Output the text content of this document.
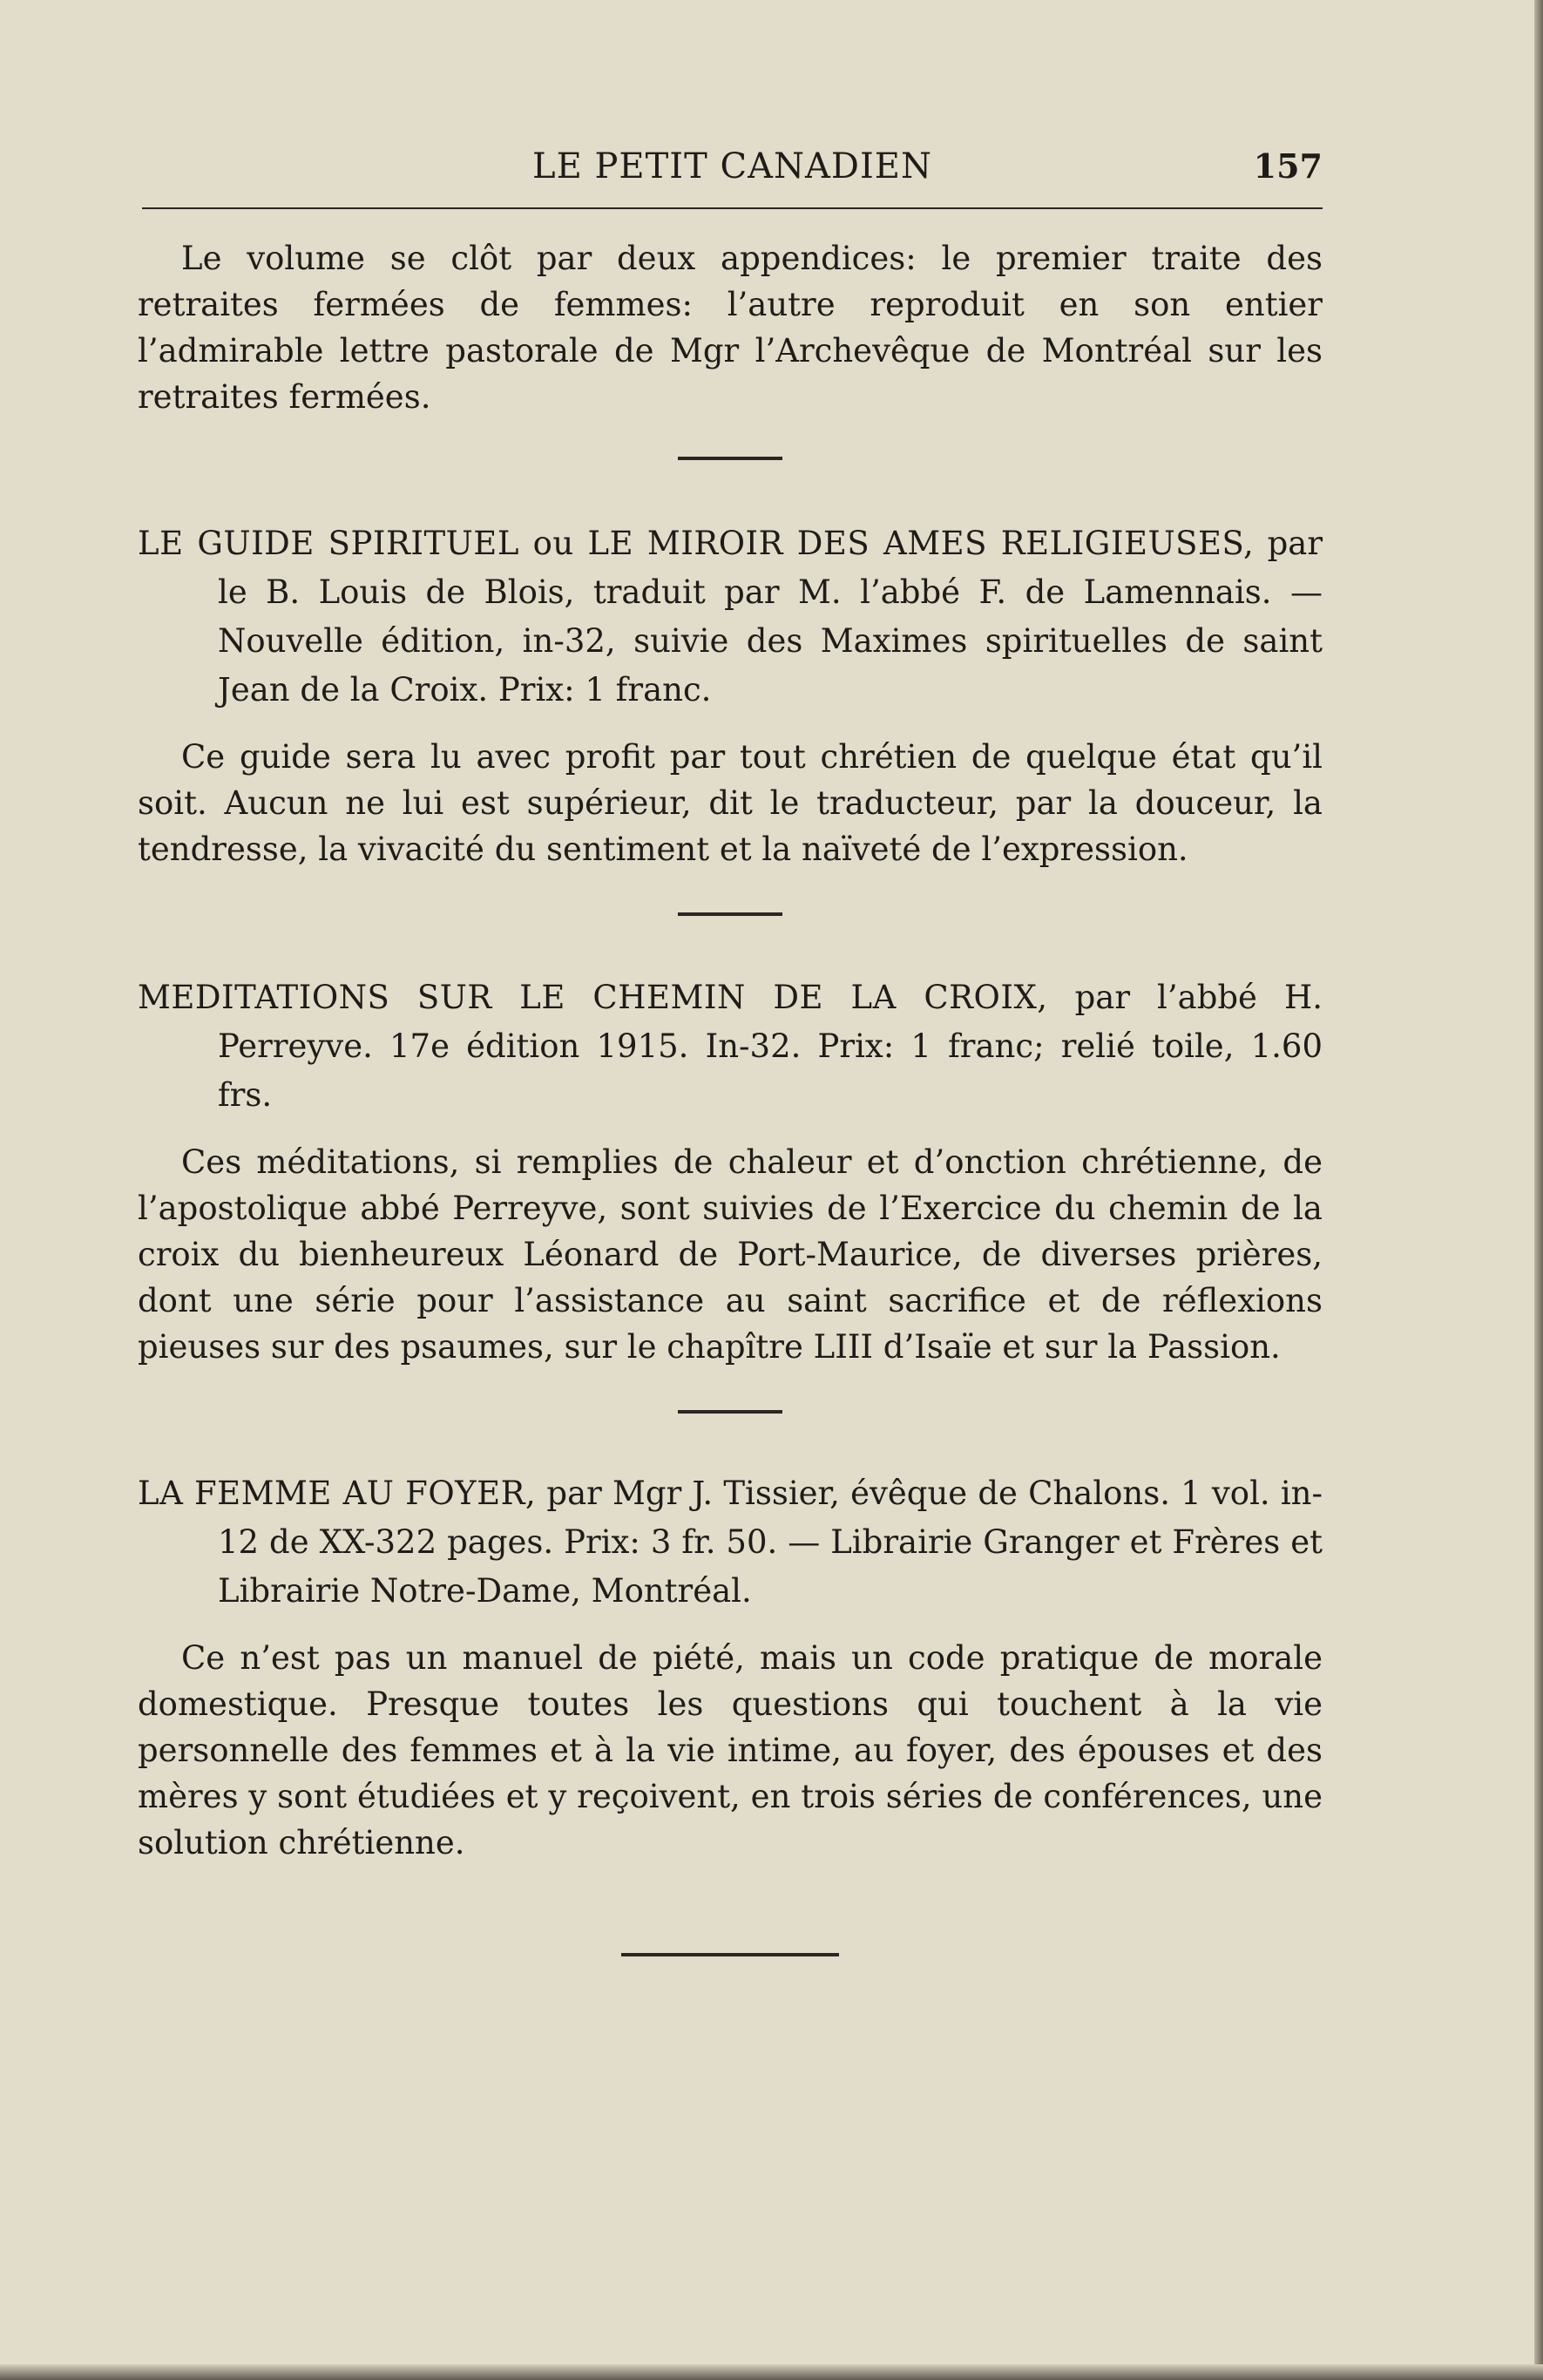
LE PETIT CANADIEN	157

Le volume se clôt par deux appendices: le premier traite des retraites fermées de femmes: l’autre reproduit en son entier l’admirable lettre pastorale de Mgr l’Archevêque de Montréal sur les retraites fermées.

LE GUIDE SPIRITUEL ou LE MIROIR DES AMES RELIGIEUSES, par le B. Louis de Blois, traduit par M. l’abbé F. de Lamennais. — Nouvelle édition, in-32, suivie des Maximes spirituelles de saint Jean de la Croix. Prix: 1 franc.

Ce guide sera lu avec profit par tout chrétien de quelque état qu’il soit. Aucun ne lui est supérieur, dit le traducteur, par la douceur, la tendresse, la vivacité du sentiment et la naïveté de l’expression.

MEDITATIONS SUR LE CHEMIN DE LA CROIX, par l’abbé H. Perreyve. 17e édition 1915. In-32. Prix: 1 franc; relié toile, 1.60 frs.

Ces méditations, si remplies de chaleur et d’onction chrétienne, de l’apostolique abbé Perreyve, sont suivies de l’Exercice du chemin de la croix du bienheureux Léonard de Port-Maurice, de diverses prières, dont une série pour l’assistance au saint sacrifice et de réflexions pieuses sur des psaumes, sur le chapître LIII d’Isaïe et sur la Passion.

LA FEMME AU FOYER, par Mgr J. Tissier, évêque de Chalons. 1 vol. in-12 de XX-322 pages. Prix: 3 fr. 50. — Librairie Granger et Frères et Librairie Notre-Dame, Montréal.

Ce n’est pas un manuel de piété, mais un code pratique de morale domestique. Presque toutes les questions qui touchent à la vie personnelle des femmes et à la vie intime, au foyer, des épouses et des mères y sont étudiées et y reçoivent, en trois séries de conférences, une solution chrétienne.
